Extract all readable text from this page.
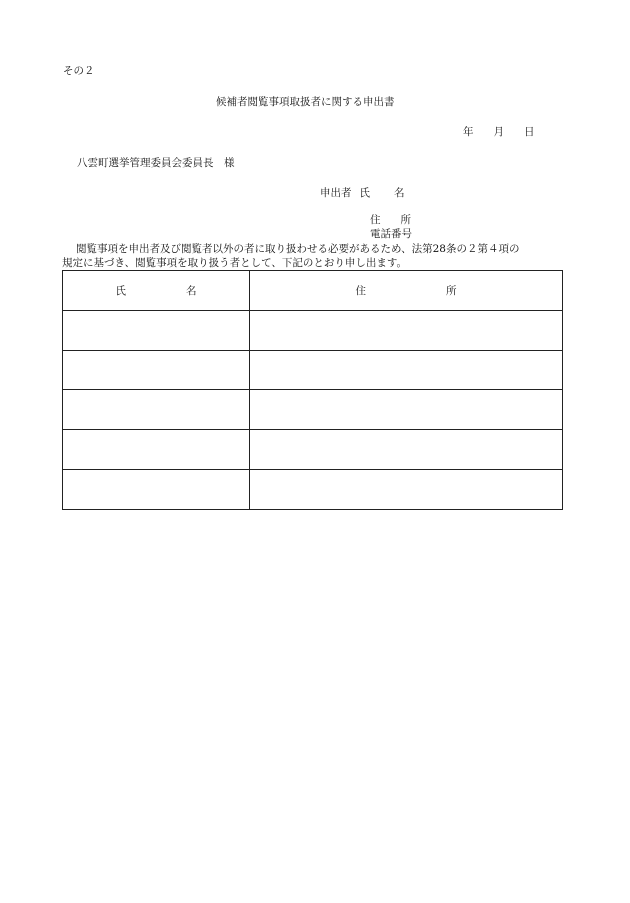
その２

候補者閲覧事項取扱者に関する申出書
年 月 日

八雲町選挙管理委員会委員長　様

申出者 氏 名
住 所

電話番号

閲覧事項を申出者及び閲覧者以外の者に取り扱わせる必要があるため、法第28条の２第４項の

規定に基づき、閲覧事項を取り扱う者として、下記のとおり申し出ます。

氏 名	住 所
